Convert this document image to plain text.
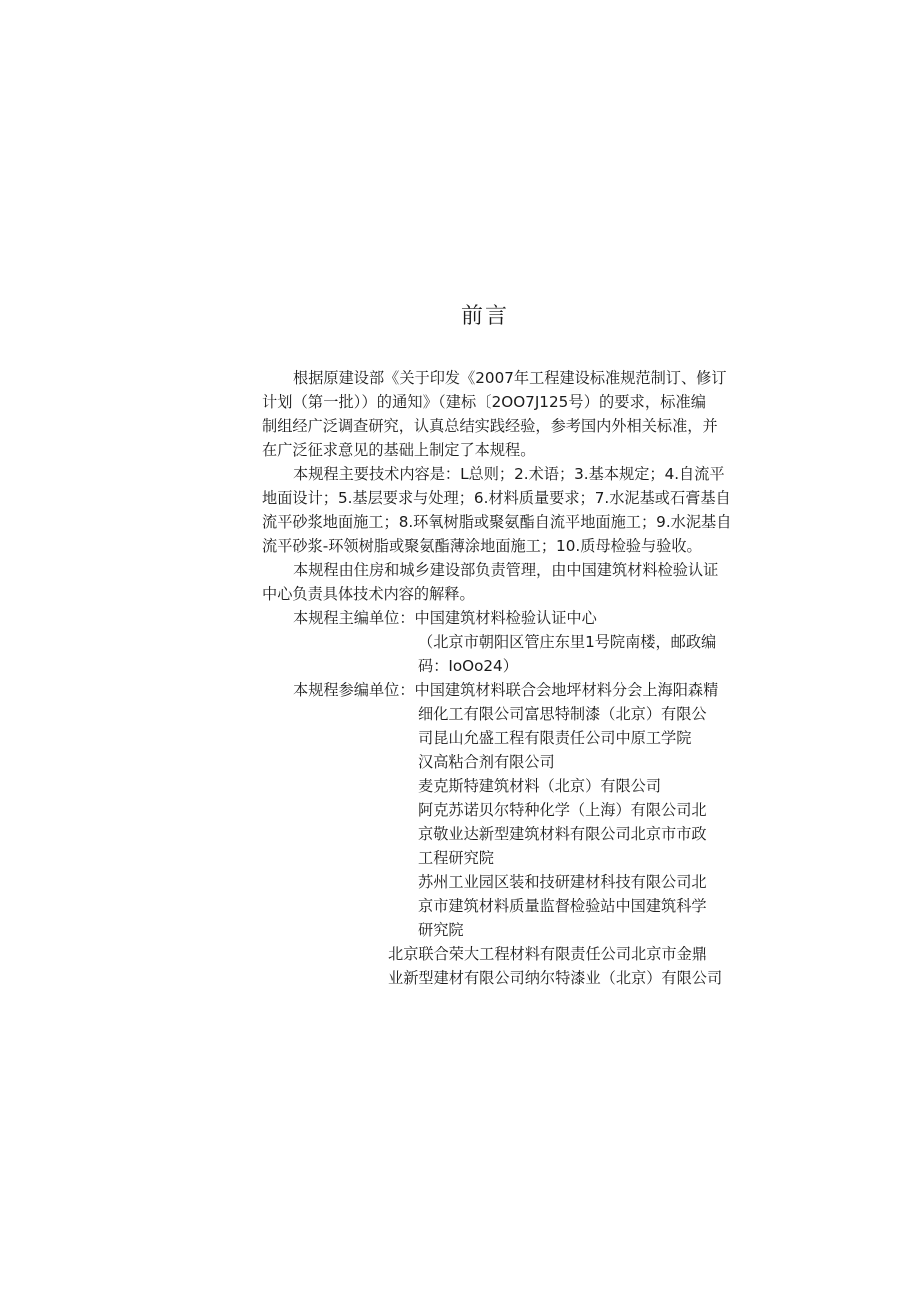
前言
根据原建设部《关于印发《2007年工程建设标准规范制订、修订
计划（第一批））的通知》（建标〔2OO7J125号）的要求，标准编
制组经广泛调查研究，认真总结实践经验，参考国内外相关标准，并
在广泛征求意见的基础上制定了本规程。
本规程主要技术内容是：L总则；2.术语；3.基本规定；4.自流平
地面设计；5.基层要求与处理；6.材料质量要求；7.水泥基或石膏基自
流平砂浆地面施工；8.环氧树脂或聚氨酯自流平地面施工；9.水泥基自
流平砂浆-环领树脂或聚氨酯薄涂地面施工；10.质母检验与验收。
本规程由住房和城乡建设部负责管理，由中国建筑材料检验认证
中心负责具体技术内容的解释。
本规程主编单位：中国建筑材料检验认证中心
（北京市朝阳区管庄东里1号院南楼，邮政编
码：IoOo24）
本规程参编单位：中国建筑材料联合会地坪材料分会上海阳森精
细化工有限公司富思特制漆（北京）有限公
司昆山允盛工程有限责任公司中原工学院
汉高粘合剂有限公司
麦克斯特建筑材料（北京）有限公司
阿克苏诺贝尔特种化学（上海）有限公司北
京敬业达新型建筑材料有限公司北京市市政
工程研究院
苏州工业园区装和技研建材科技有限公司北
京市建筑材料质量监督检验站中国建筑科学
研究院
北京联合荣大工程材料有限责任公司北京市金鼎
业新型建材有限公司纳尔特漆业（北京）有限公司
